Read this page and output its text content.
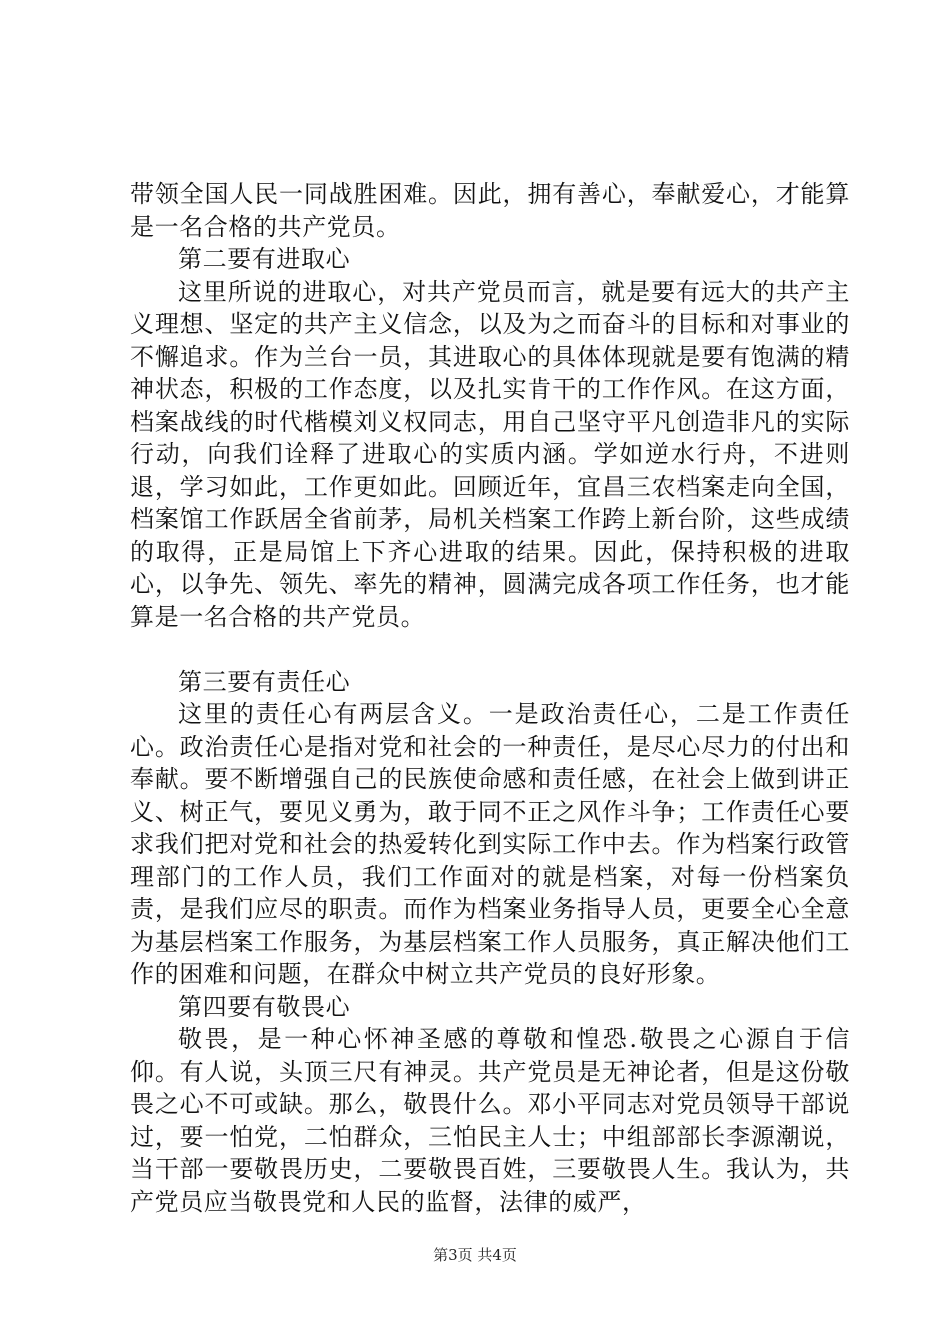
带领全国人民一同战胜困难。因此，拥有善心，奉献爱心，才能算是一名合格的共产党员。

第二要有进取心

这里所说的进取心，对共产党员而言，就是要有远大的共产主义理想、坚定的共产主义信念，以及为之而奋斗的目标和对事业的不懈追求。作为兰台一员，其进取心的具体体现就是要有饱满的精神状态，积极的工作态度，以及扎实肯干的工作作风。在这方面，档案战线的时代楷模刘义权同志，用自己坚守平凡创造非凡的实际行动，向我们诠释了进取心的实质内涵。学如逆水行舟，不进则退，学习如此，工作更如此。回顾近年，宜昌三农档案走向全国，档案馆工作跃居全省前茅，局机关档案工作跨上新台阶，这些成绩的取得，正是局馆上下齐心进取的结果。因此，保持积极的进取心，以争先、领先、率先的精神，圆满完成各项工作任务，也才能算是一名合格的共产党员。

第三要有责任心

这里的责任心有两层含义。一是政治责任心，二是工作责任心。政治责任心是指对党和社会的一种责任，是尽心尽力的付出和奉献。要不断增强自己的民族使命感和责任感，在社会上做到讲正义、树正气，要见义勇为，敢于同不正之风作斗争；工作责任心要求我们把对党和社会的热爱转化到实际工作中去。作为档案行政管理部门的工作人员，我们工作面对的就是档案，对每一份档案负责，是我们应尽的职责。而作为档案业务指导人员，更要全心全意为基层档案工作服务，为基层档案工作人员服务，真正解决他们工作的困难和问题，在群众中树立共产党员的良好形象。

第四要有敬畏心

敬畏，是一种心怀神圣感的尊敬和惶恐.敬畏之心源自于信仰。有人说，头顶三尺有神灵。共产党员是无神论者，但是这份敬畏之心不可或缺。那么，敬畏什么。邓小平同志对党员领导干部说过，要一怕党，二怕群众，三怕民主人士；中组部部长李源潮说，当干部一要敬畏历史，二要敬畏百姓，三要敬畏人生。我认为，共产党员应当敬畏党和人民的监督，法律的威严，

第3页 共4页
